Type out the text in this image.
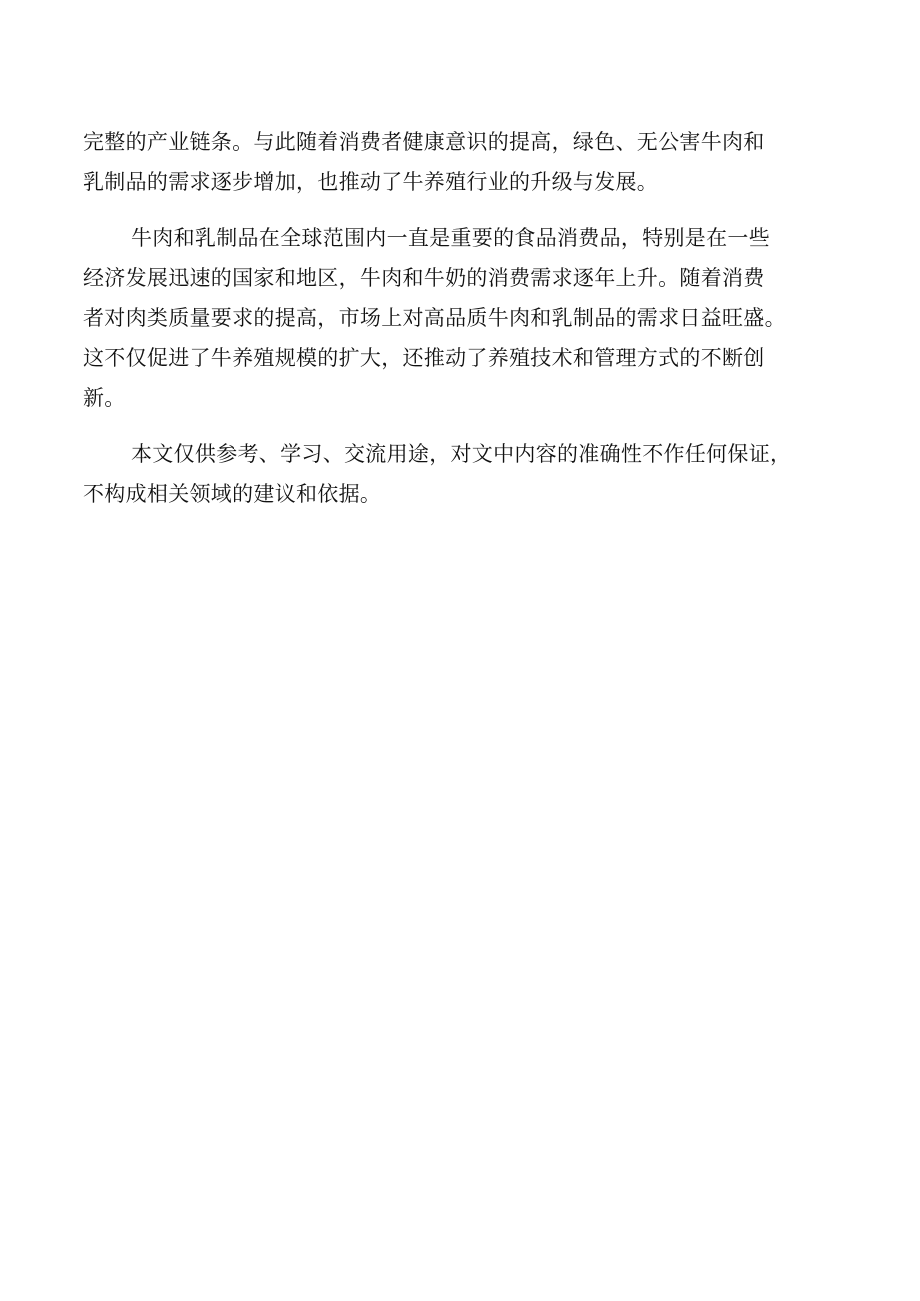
完整的产业链条。与此随着消费者健康意识的提高，绿色、无公害牛肉和
乳制品的需求逐步增加，也推动了牛养殖行业的升级与发展。
牛肉和乳制品在全球范围内一直是重要的食品消费品，特别是在一些
经济发展迅速的国家和地区，牛肉和牛奶的消费需求逐年上升。随着消费
者对肉类质量要求的提高，市场上对高品质牛肉和乳制品的需求日益旺盛。
这不仅促进了牛养殖规模的扩大，还推动了养殖技术和管理方式的不断创
新。
本文仅供参考、学习、交流用途，对文中内容的准确性不作任何保证，
不构成相关领域的建议和依据。
